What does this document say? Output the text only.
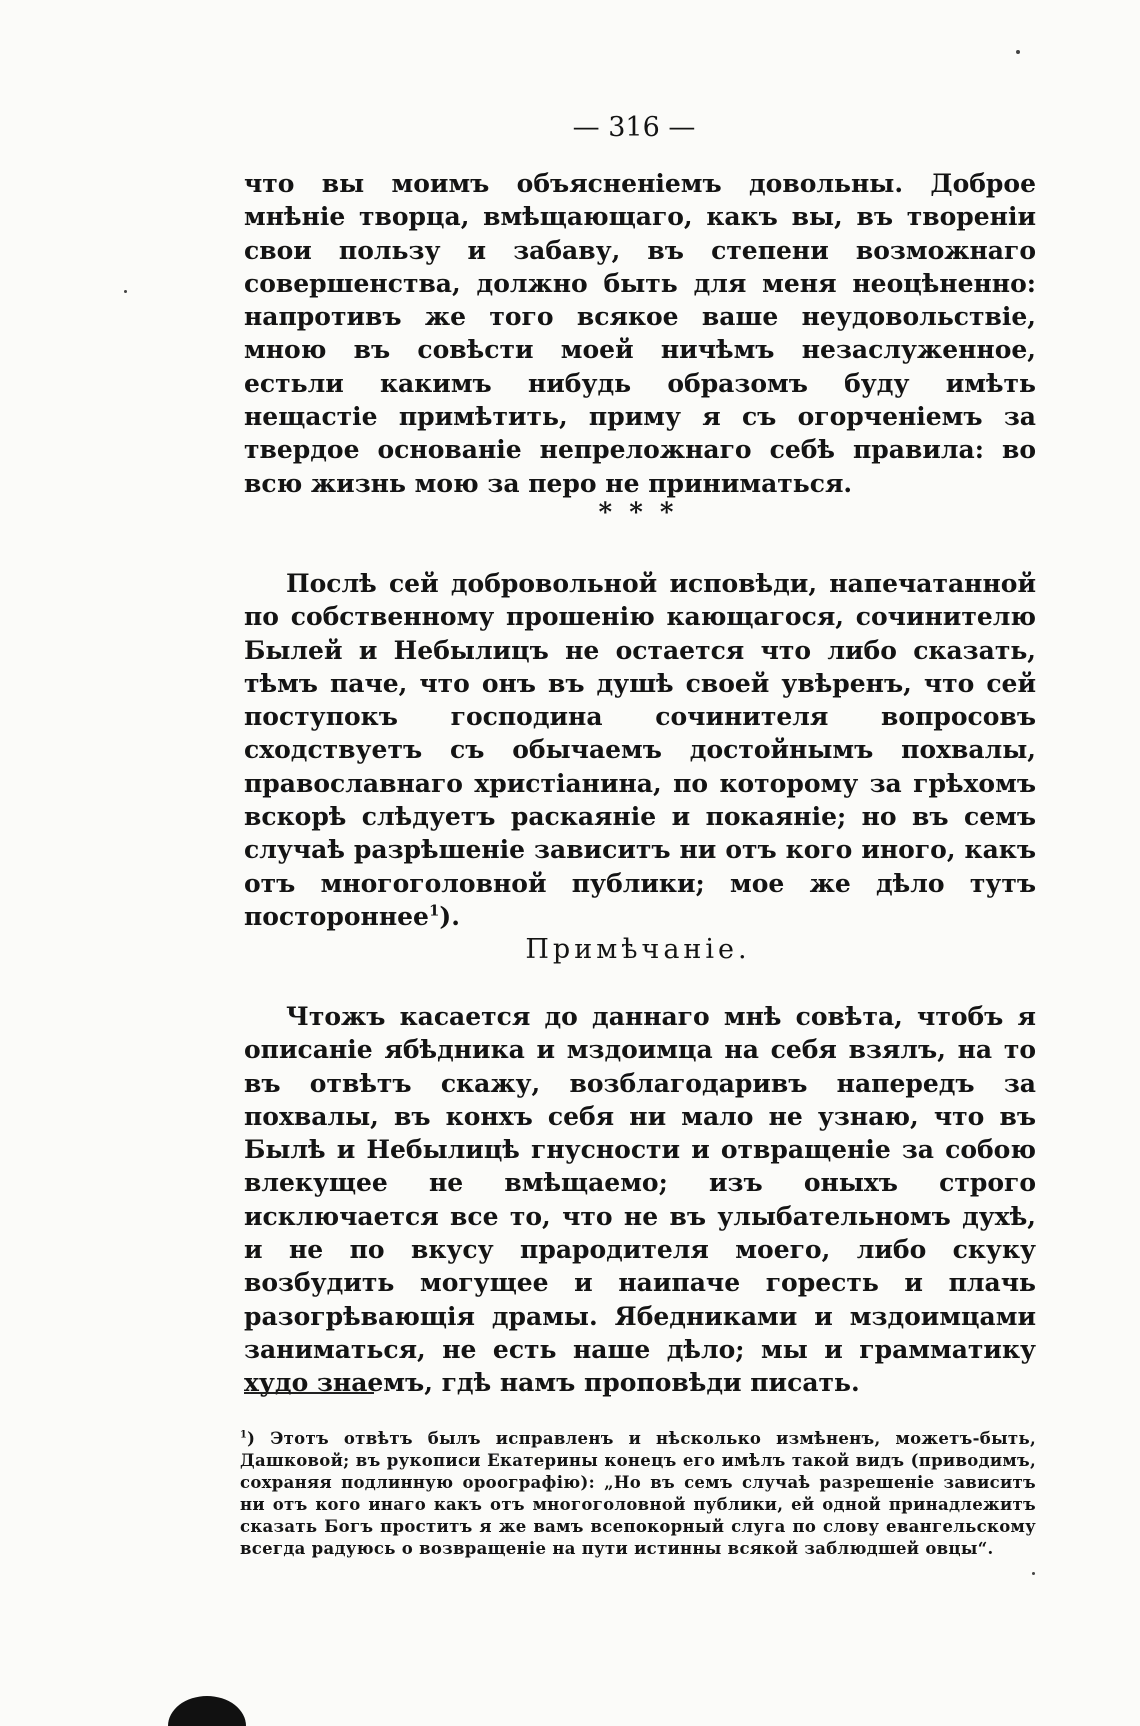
— 316 —
что вы моимъ объясненiемъ довольны. Доброе мнѣнiе творца, вмѣщающаго, какъ вы, въ творенiи свои пользу и забаву, въ степени возможнаго совершенства, должно быть для меня неоцѣненно: напротивъ же того всякое ваше неудовольствiе, мною въ совѣсти моей ничѣмъ незаслуженное, естьли какимъ нибудь образомъ буду имѣть нещастiе примѣтить, приму я съ огорченiемъ за твердое основанiе непреложнаго себѣ правила: во всю жизнь мою за перо не приниматься.
* * *
Послѣ сей добровольной исповѣди, напечатанной по собственному прошенiю кающагося, сочинителю Былей и Небылицъ не остается что либо сказать, тѣмъ паче, что онъ въ душѣ своей увѣренъ, что сей поступокъ господина сочинителя вопросовъ сходствуетъ съ обычаемъ достойнымъ похвалы, православнаго христiанина, по которому за грѣхомъ вскорѣ слѣдуетъ раскаянiе и покаянiе; но въ семъ случаѣ разрѣшенiе зависитъ ни отъ кого иного, какъ отъ многоголовной публики; мое же дѣло тутъ постороннее$^1$).
Примѣчанiе.
Чтожъ касается до даннаго мнѣ совѣта, чтобъ я описанiе ябѣдника и мздоимца на себя взялъ, на то въ отвѣтъ скажу, возблагодаривъ напередъ за похвалы, въ конхъ себя ни мало не узнаю, что въ Былѣ и Небылицѣ гнусности и отвращенiе за собою влекущее не вмѣщаемо; изъ оныхъ строго исключается все то, что не въ улыбательномъ духѣ, и не по вкусу прародителя моего, либо скуку возбудить могущее и наипаче горесть и плачь разогрѣвающiя драмы. Ябедниками и мздоимцами заниматься, не есть наше дѣло; мы и грамматику худо знаемъ, гдѣ намъ проповѣди писать.
$^1$) Этотъ отвѣтъ былъ исправленъ и нѣсколько измѣненъ, можетъ-быть, Дашковой; въ рукописи Екатерины конецъ его имѣлъ такой видъ (приводимъ, сохраняя подлинную ороографiю): „Но въ семъ случаѣ разрешенiе зависитъ ни отъ кого инаго какъ отъ многоголовной публики, ей одной принадлежитъ сказать Богъ проститъ я же вамъ всепокорный слуга по слову евангельскому всегда радуюсь о возвращенiе на пути истинны всякой заблюдшей овцы“.
